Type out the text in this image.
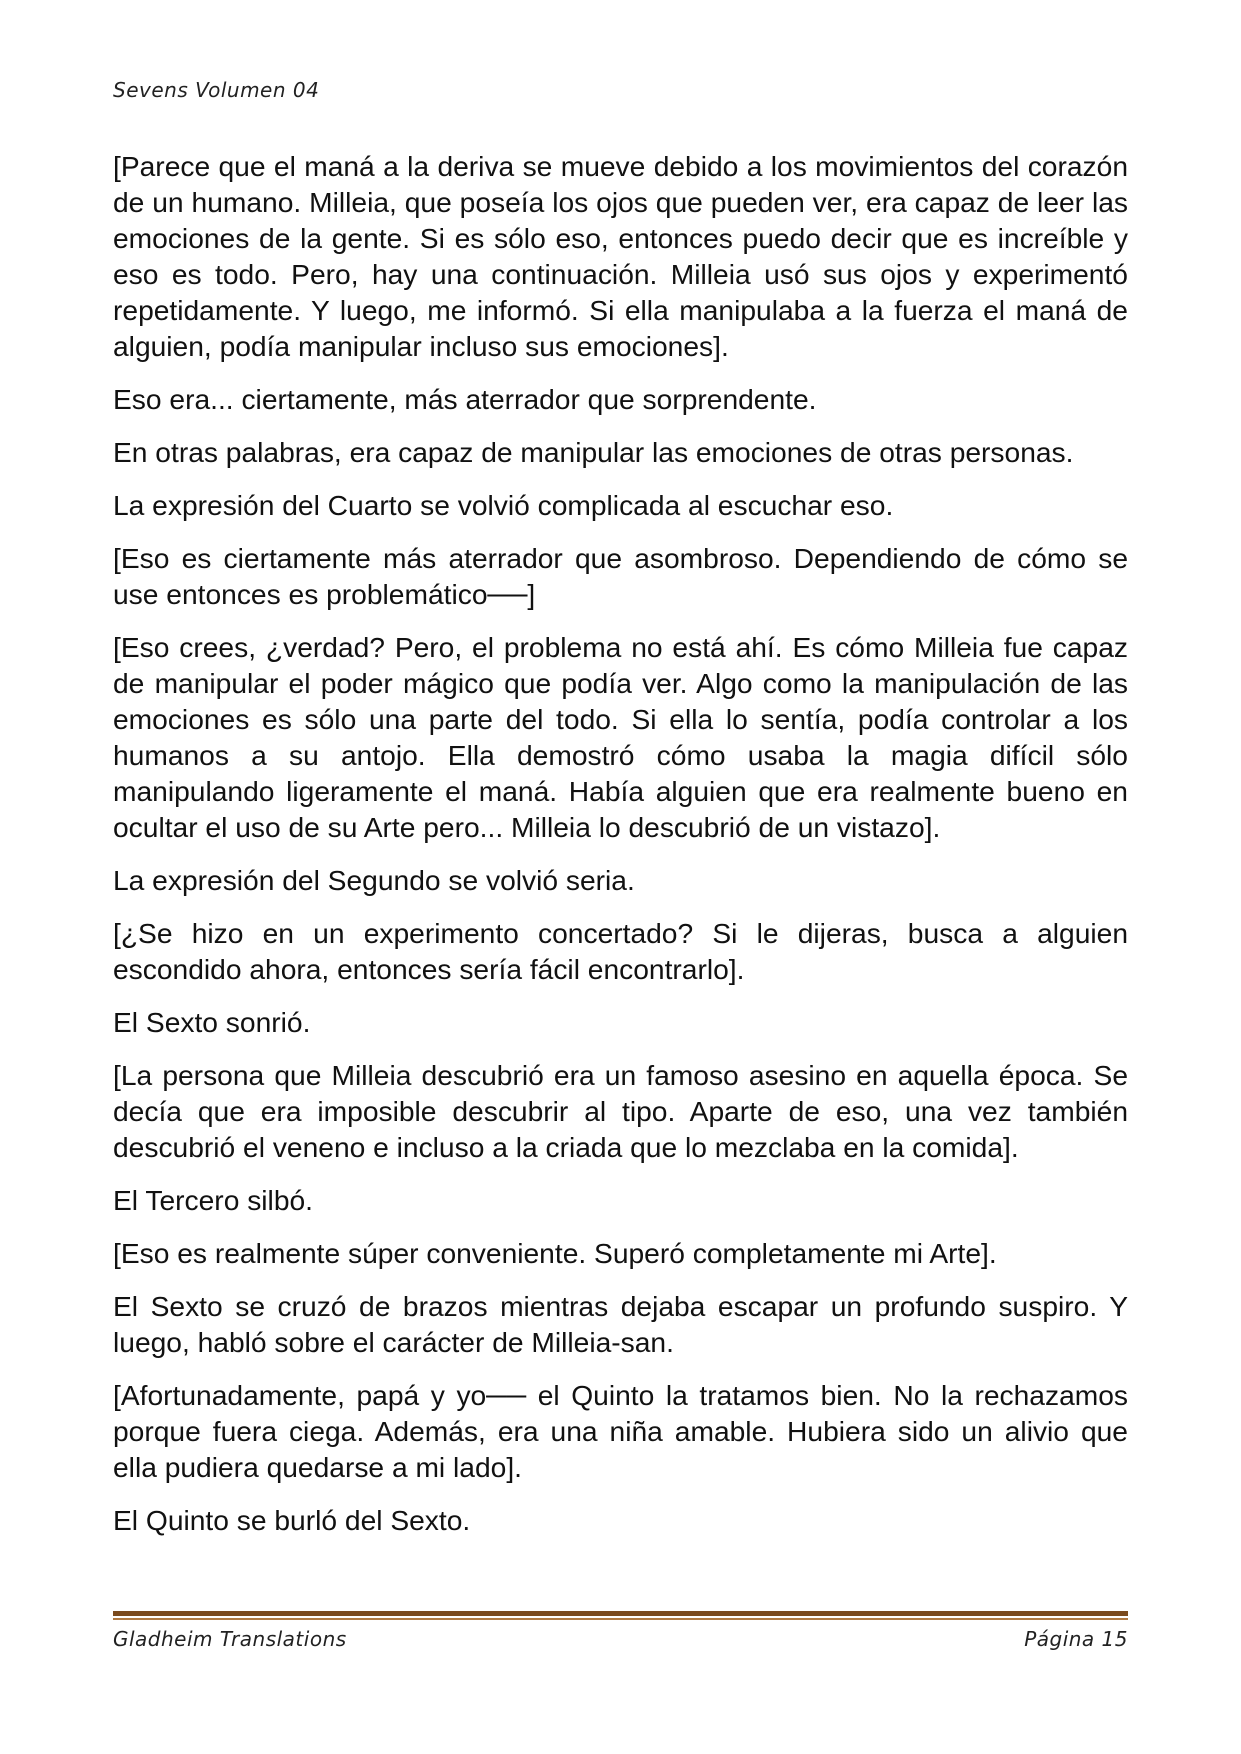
Sevens Volumen 04

[Parece que el maná a la deriva se mueve debido a los movimientos del corazón de un humano. Milleia, que poseía los ojos que pueden ver, era capaz de leer las emociones de la gente. Si es sólo eso, entonces puedo decir que es increíble y eso es todo. Pero, hay una continuación. Milleia usó sus ojos y experimentó repetidamente. Y luego, me informó. Si ella manipulaba a la fuerza el maná de alguien, podía manipular incluso sus emociones].

Eso era... ciertamente, más aterrador que sorprendente.

En otras palabras, era capaz de manipular las emociones de otras personas.

La expresión del Cuarto se volvió complicada al escuchar eso.

[Eso es ciertamente más aterrador que asombroso. Dependiendo de cómo se use entonces es problemático──]

[Eso crees, ¿verdad? Pero, el problema no está ahí. Es cómo Milleia fue capaz de manipular el poder mágico que podía ver. Algo como la manipulación de las emociones es sólo una parte del todo. Si ella lo sentía, podía controlar a los humanos a su antojo. Ella demostró cómo usaba la magia difícil sólo manipulando ligeramente el maná. Había alguien que era realmente bueno en ocultar el uso de su Arte pero... Milleia lo descubrió de un vistazo].

La expresión del Segundo se volvió seria.

[¿Se hizo en un experimento concertado? Si le dijeras, busca a alguien escondido ahora, entonces sería fácil encontrarlo].

El Sexto sonrió.

[La persona que Milleia descubrió era un famoso asesino en aquella época. Se decía que era imposible descubrir al tipo. Aparte de eso, una vez también descubrió el veneno e incluso a la criada que lo mezclaba en la comida].

El Tercero silbó.

[Eso es realmente súper conveniente. Superó completamente mi Arte].

El Sexto se cruzó de brazos mientras dejaba escapar un profundo suspiro. Y luego, habló sobre el carácter de Milleia-san.

[Afortunadamente, papá y yo── el Quinto la tratamos bien. No la rechazamos porque fuera ciega. Además, era una niña amable. Hubiera sido un alivio que ella pudiera quedarse a mi lado].

El Quinto se burló del Sexto.

Gladheim Translations	Página 15
